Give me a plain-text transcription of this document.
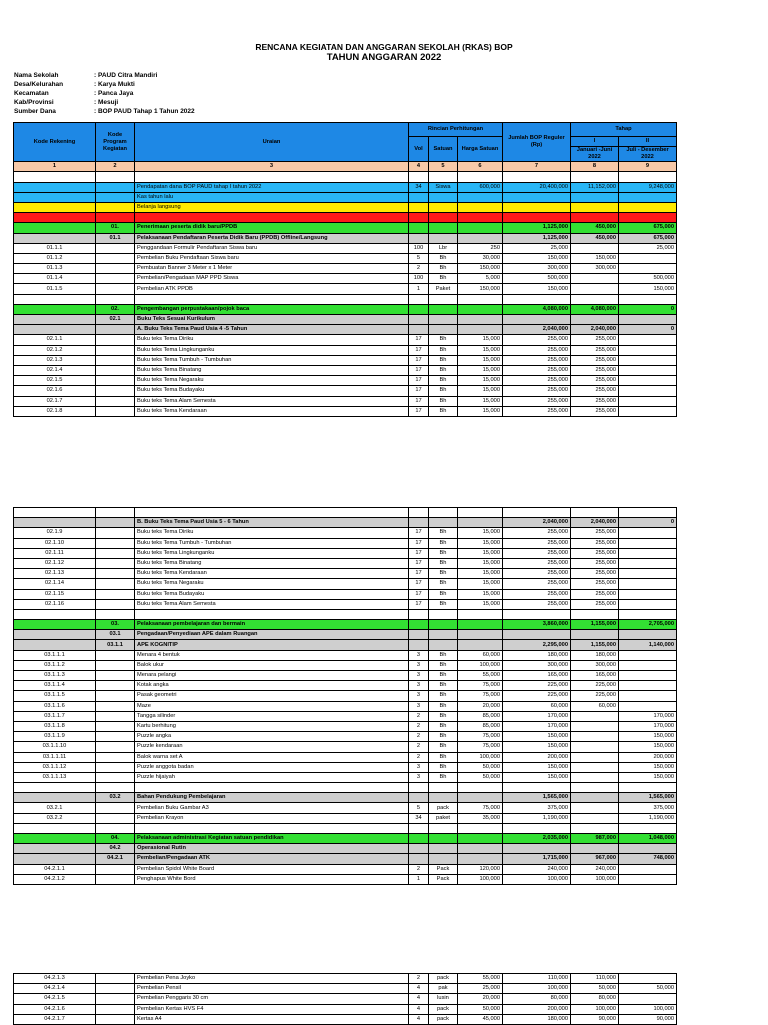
RENCANA KEGIATAN DAN ANGGARAN SEKOLAH (RKAS) BOP
TAHUN ANGGARAN 2022
Nama Sekolah	: PAUD Citra Mandiri
Desa/Kelurahan	: Karya Mukti
Kecamatan	: Panca Jaya
Kab/Provinsi	: Mesuji
Sumber Dana	: BOP PAUD Tahap 1 Tahun 2022
Kode Rekening	Kode Program Kegiatan	Uraian	Rincian Perhitungan			Jumlah BOP Reguler (Rp)	Tahap	
			Vol	Satuan	Harga Satuan		I	II
							Januari -Juni 2022	Juli - Desember 2022
1	2	3	4	5	6	7	8	9

		Pendapatan dana BOP PAUD tahap I tahun 2022	34	Siswa	600,000	20,400,000	11,152,000	9,248,000
		Kas tahun lalu						
		Belanja langsung						

	01.	Penerimaan peserta didik baru/PPDB				1,125,000	450,000	675,000
	01.1	Pelaksanaan Pendaftaran Peserta Didik Baru (PPDB) Offline/Langsung				1,125,000	450,000	675,000
01.1.1		Penggandaan Formulir Pendaftaran Siswa baru	100	Lbr	250	25,000		25,000
01.1.2		Pembelian Buku Pendaftaan Siswa baru	5	Bh	30,000	150,000	150,000	
01.1.3		Pembuatan Banner 3 Meter x 1 Meter	2	Bh	150,000	300,000	300,000	
01.1.4		Pembelian/Pengadaan MAP PPD Siswa	100	Bh	5,000	500,000		500,000
01.1.5		Pembelian ATK PPDB	1	Paket	150,000	150,000		150,000

	02.	Pengembangan perpustakaan/pojok baca				4,080,000	4,080,000	0
	02.1	Buku Teks Sesuai Kurikulum						
		A. Buku Teks Tema Paud Usia 4 -5 Tahun				2,040,000	2,040,000	0
02.1.1		Buku teks Tema Diriku	17	Bh	15,000	255,000	255,000	
02.1.2		Buku teks Tema Lingkunganku	17	Bh	15,000	255,000	255,000	
02.1.3		Buku teks Tema Tumbuh - Tumbuhan	17	Bh	15,000	255,000	255,000	
02.1.4		Buku teks Tema Binatang	17	Bh	15,000	255,000	255,000	
02.1.5		Buku teks Tema Negaraku	17	Bh	15,000	255,000	255,000	
02.1.6		Buku teks Tema Budayaku	17	Bh	15,000	255,000	255,000	
02.1.7		Buku teks Tema Alam Semesta	17	Bh	15,000	255,000	255,000	
02.1.8		Buku teks Tema Kendaraan	17	Bh	15,000	255,000	255,000	

		B. Buku Teks Tema Paud Usia 5 - 6 Tahun				2,040,000	2,040,000	0
02.1.9		Buku teks Tema Diriku	17	Bh	15,000	255,000	255,000	
02.1.10		Buku teks Tema Tumbuh - Tumbuhan	17	Bh	15,000	255,000	255,000	
02.1.11		Buku teks Tema Lingkunganku	17	Bh	15,000	255,000	255,000	
02.1.12		Buku teks Tema Binatang	17	Bh	15,000	255,000	255,000	
02.1.13		Buku teks Tema Kendaraan	17	Bh	15,000	255,000	255,000	
02.1.14		Buku teks Tema Negaraku	17	Bh	15,000	255,000	255,000	
02.1.15		Buku teks Tema Budayaku	17	Bh	15,000	255,000	255,000	
02.1.16		Buku teks Tema Alam Semesta	17	Bh	15,000	255,000	255,000	

	03.	Pelaksanaan pembelajaran dan bermain				3,860,000	1,155,000	2,705,000
	03.1	Pengadaan/Penyediaan APE dalam Ruangan						
	03.1.1	APE KOGNITIP				2,295,000	1,155,000	1,140,000
03.1.1.1		Menara 4 bentuk	3	Bh	60,000	180,000	180,000	
03.1.1.2		Balok ukur	3	Bh	100,000	300,000	300,000	
03.1.1.3		Menara pelangi	3	Bh	55,000	165,000	165,000	
03.1.1.4		Kotak angka	3	Bh	75,000	225,000	225,000	
03.1.1.5		Pasak geometri	3	Bh	75,000	225,000	225,000	
03.1.1.6		Maze	3	Bh	20,000	60,000	60,000	
03.1.1.7		Tangga silinder	2	Bh	85,000	170,000		170,000
03.1.1.8		Kartu berhitung	2	Bh	85,000	170,000		170,000
03.1.1.9		Puzzle angka	2	Bh	75,000	150,000		150,000
03.1.1.10		Puzzle kendaraan	2	Bh	75,000	150,000		150,000
03.1.1.11		Balok warna set A	2	Bh	100,000	200,000		200,000
03.1.1.12		Puzzle anggota badan	3	Bh	50,000	150,000		150,000
03.1.1.13		Puzzle hijaiyah	3	Bh	50,000	150,000		150,000

	03.2	Bahan Pendukung Pembelajaran				1,565,000		1,565,000
03.2.1		Pembelian Buku Gambar A3	5	pack	75,000	375,000		375,000
03.2.2		Pembelian Krayon	34	paket	35,000	1,190,000		1,190,000

	04.	Pelaksanaan administrasi Kegiatan satuan pendidikan				2,035,000	987,000	1,048,000
	04.2	Operasional Rutin						
	04.2.1	Pembelian/Pengadaan ATK				1,715,000	967,000	748,000
04.2.1.1		Pembelian Spidol White Board	2	Pack	120,000	240,000	240,000	
04.2.1.2		Penghapus White Bord	1	Pack	100,000	100,000	100,000	
04.2.1.3		Pembelian Pena Joyko	2	pack	55,000	110,000	110,000	
04.2.1.4		Pembelian Pensil	4	pak	25,000	100,000	50,000	50,000
04.2.1.5		Pembelian Penggaris 30 cm	4	lusin	20,000	80,000	80,000	
04.2.1.6		Pembelian Kertas HVS F4	4	pack	50,000	200,000	100,000	100,000
04.2.1.7		Kertas A4	4	pack	45,000	180,000	90,000	90,000
